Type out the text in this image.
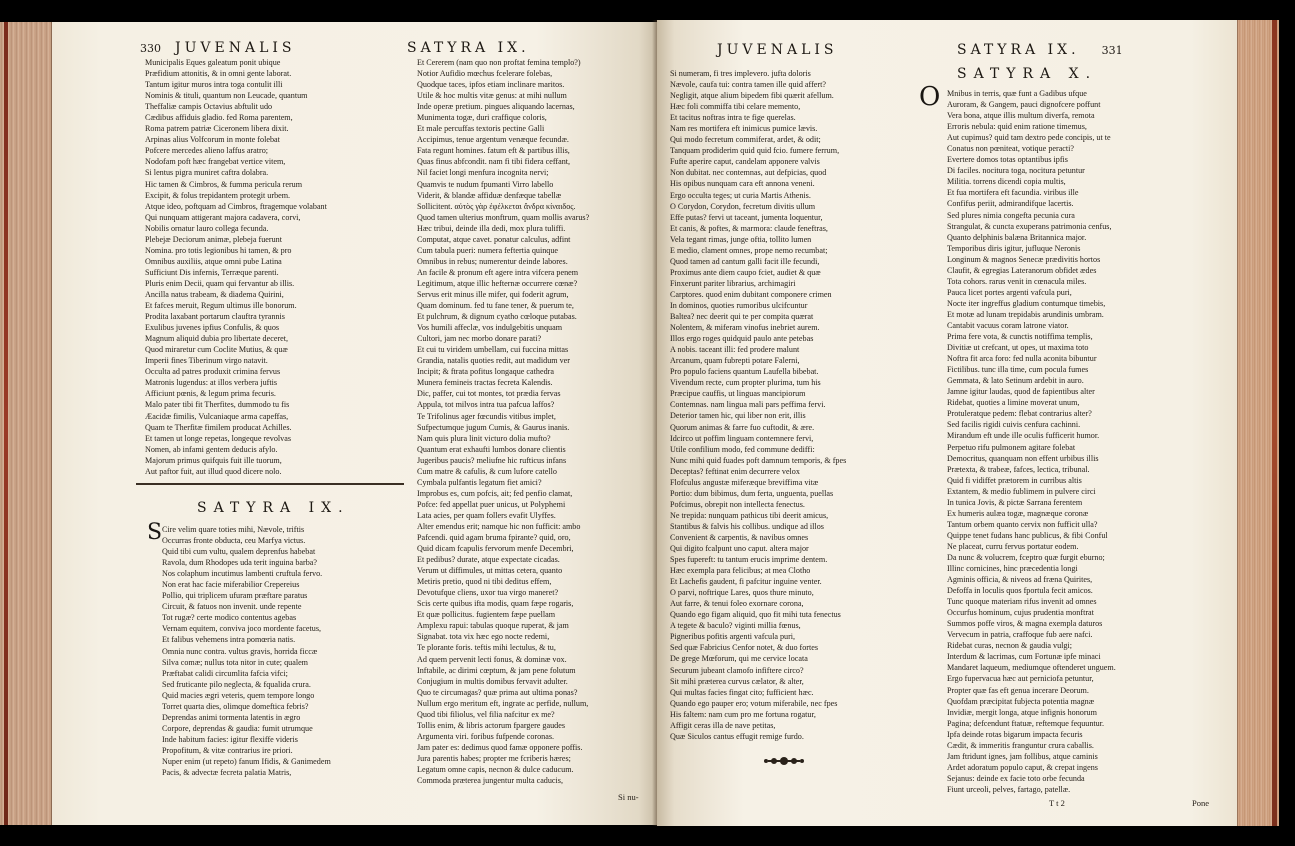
330 JUVENALIS	SATYRA IX.
Municipalis Eques galeatum ponit ubique
Præfidium attonitis, & in omni gente laborat.
Tantum igitur muros intra toga contulit illi
Nominis & tituli, quantum non Leucade, quantum
Theffaliæ campis Octavius abftulit udo
Cædibus affiduis gladio. fed Roma parentem,
Roma patrem patriæ Ciceronem libera dixit.
Arpinas alius Volfcorum in monte folebat
Pofcere mercedes alieno laffus aratro;
Nodofam poft hæc frangebat vertice vitem,
Si lentus pigra muniret caftra dolabra.
Hic tamen & Cimbros, & fumma pericula rerum
Excipit, & folus trepidantem protegit urbem.
Atque ideo, poftquam ad Cimbros, ftragemque volabant
Qui nunquam attigerant majora cadavera, corvi,
Nobilis ornatur lauro collega fecunda.
Plebejæ Deciorum animæ, plebeja fuerunt
Nomina. pro totis legionibus hi tamen, & pro
Omnibus auxiliis, atque omni pube Latina
Sufficiunt Dis infernis, Terræque parenti.
Pluris enim Decii, quam qui fervantur ab illis.
Ancilla natus trabeam, & diadema Quirini,
Et fafces meruit, Regum ultimus ille bonorum.
Prodita laxabant portarum clauftra tyrannis
Exulibus juvenes ipfius Confulis, & quos
Magnum aliquid dubia pro libertate deceret,
Quod miraretur cum Coclite Mutius, & quæ
Imperii fines Tiberinum virgo natavit.
Occulta ad patres produxit crimina fervus
Matronis lugendus: at illos verbera juftis
Afficiunt pœnis, & legum prima fecuris.
Malo pater tibi fit Therfites, dummodo tu fis
Æacidæ fimilis, Vulcaniaque arma capeffas,
Quam te Therfitæ fimilem producat Achilles.
Et tamen ut longe repetas, longeque revolvas
Nomen, ab infami gentem deducis afylo.
Majorum primus quifquis fuit ille tuorum,
Aut paftor fuit, aut illud quod dicere nolo.
SATYRA IX.
S Cire velim quare toties mihi, Nævole, triftis
Occurras fronte obducta, ceu Marfya victus.
Quid tibi cum vultu, qualem deprenfus habebat
Ravola, dum Rhodopes uda terit inguina barba?
Nos colaphum incutimus lambenti cruftula fervo.
Non erat hac facie miferabilior Crepereius
Pollio, qui triplicem ufuram præftare paratus
Circuit, & fatuos non invenit. unde repente
Tot rugæ? certe modico contentus agebas
Vernam equitem, conviva joco mordente facetus,
Et falibus vehemens intra pomœria natis.
Omnia nunc contra. vultus gravis, horrida ficcæ
Silva comæ; nullus tota nitor in cute; qualem
Præftabat calidi circumlita fafcia vifci;
Sed fruticante pilo neglecta, & fqualida crura.
Quid macies ægri veteris, quem tempore longo
Torret quarta dies, olimque domeftica febris?
Deprendas animi tormenta latentis in ægro
Corpore, deprendas & gaudia: fumit utrumque
Inde habitum facies: igitur flexiffe videris
Propofitum, & vitæ contrarius ire priori.
Nuper enim (ut repeto) fanum Ifidis, & Ganimedem
Pacis, & advectæ fecreta palatia Matris,
Et Cererem (nam quo non proftat femina templo?)
Notior Aufidio mœchus fcelerare folebas,
Quodque taces, ipfos etiam inclinare maritos.
Utile & hoc multis vitæ genus: at mihi nullum
Inde operæ pretium. pingues aliquando lacernas,
Munimenta togæ, duri craffique coloris,
Et male percuffas textoris pectine Galli
Accipimus, tenue argentum venæque fecundæ.
Fata regunt homines. fatum eft & partibus illis,
Quas finus abfcondit. nam fi tibi fidera ceffant,
Nil faciet longi menfura incognita nervi;
Quamvis te nudum fpumanti Virro labello
Viderit, & blandæ affiduæ denfæque tabellæ
Sollicitent. αὐτὸς γὰρ ἐφέλκεται ἄνδρα κίναιδος.
Quod tamen ulterius monftrum, quam mollis avarus?
Hæc tribui, deinde illa dedi, mox plura tuliffi.
Computat, atque cavet. ponatur calculus, adfint
Cum tabula pueri: numera feftertia quinque
Omnibus in rebus; numerentur deinde labores.
An facile & pronum eft agere intra vifcera penem
Legitimum, atque illic hefternæ occurrere cœnæ?
Servus erit minus ille mifer, qui foderit agrum,
Quam dominum. fed tu fane tener, & puerum te,
Et pulchrum, & dignum cyatho cœloque putabas.
Vos humili affeclæ, vos indulgebitis unquam
Cultori, jam nec morbo donare parati?
Et cui tu viridem umbellam, cui fuccina mittas
Grandia, natalis quoties redit, aut madidum ver
Incipit; & ftrata pofitus longaque cathedra
Munera femineis tractas fecreta Kalendis.
Dic, paffer, cui tot montes, tot prædia fervas
Appula, tot milvos intra tua pafcua laffos?
Te Trifolinus ager fœcundis vitibus implet,
Sufpectumque jugum Cumis, & Gaurus inanis.
Nam quis plura linit victuro dolia mufto?
Quantum erat exhaufti lumbos donare clientis
Jugeribus paucis? meliufne hic rufticus infans
Cum matre & cafulis, & cum lufore catello
Cymbala pulfantis legatum fiet amici?
Improbus es, cum pofcis, ait; fed penfio clamat,
Pofce: fed appellat puer unicus, ut Polyphemi
Lata acies, per quam follers evafit Ulyffes.
Alter emendus erit; namque hic non fufficit: ambo
Pafcendi. quid agam bruma fpirante? quid, oro,
Quid dicam fcapulis fervorum menfe Decembri,
Et pedibus? durate, atque expectate cicadas.
Verum ut diffimules, ut mittas cetera, quanto
Metiris pretio, quod ni tibi deditus effem,
Devotufque cliens, uxor tua virgo maneret?
Scis certe quibus ifta modis, quam fæpe rogaris,
Et quæ pollicitus. fugientem fæpe puellam
Amplexu rapui: tabulas quoque ruperat, & jam
Signabat. tota vix hæc ego nocte redemi,
Te plorante foris. teftis mihi lectulus, & tu,
Ad quem pervenit lecti fonus, & dominæ vox.
Inftabile, ac dirimi cœptum, & jam pene folutum
Conjugium in multis domibus fervavit adulter.
Quo te circumagas? quæ prima aut ultima ponas?
Nullum ergo meritum eft, ingrate ac perfide, nullum,
Quod tibi filiolus, vel filia nafcitur ex me?
Tollis enim, & libris actorum fpargere gaudes
Argumenta viri. foribus fufpende coronas.
Jam pater es: dedimus quod famæ opponere poffis.
Jura parentis habes; propter me fcriberis hæres;
Legatum omne capis, necnon & dulce caducum.
Commoda præterea jungentur multa caducis,
Si nu-
JUVENALIS	SATYRA IX. 331
Si numeram, fi tres implevero. jufta doloris
Nævole, caufa tui: contra tamen ille quid affert?
Negligit, atque alium bipedem fibi quærit afellum.
Hæc foli commiffa tibi celare memento,
Et tacitus noftras intra te fige querelas.
Nam res mortifera eft inimicus pumice lævis.
Qui modo fecretum commiferat, ardet, & odit;
Tanquam prodiderim quid quid fcio. fumere ferrum,
Fufte aperire caput, candelam apponere valvis
Non dubitat. nec contemnas, aut defpicias, quod
His opibus nunquam cara eft annona veneni.
Ergo occulta teges; ut curia Martis Athenis.
O Corydon, Corydon, fecretum divitis ullum
Effe putas? fervi ut taceant, jumenta loquentur,
Et canis, & poftes, & marmora: claude feneftras,
Vela tegant rimas, junge oftia, tollito lumen
E medio, clament omnes, prope nemo recumbat;
Quod tamen ad cantum galli facit ille fecundi,
Proximus ante diem caupo fciet, audiet & quæ
Finxerunt pariter librarius, archimagiri
Carptores. quod enim dubitant componere crimen
In dominos, quoties rumoribus ulcifcuntur
Baltea? nec deerit qui te per compita quærat
Nolentem, & miferam vinofus inebriet aurem.
Illos ergo roges quidquid paulo ante petebas
A nobis. taceant illi: fed prodere malunt
Arcanum, quam fubrepti potare Falerni,
Pro populo faciens quantum Laufella bibebat.
Vivendum recte, cum propter plurima, tum his
Præcipue cauffis, ut linguas mancipiorum
Contemnas. nam lingua mali pars peffima fervi.
Deterior tamen hic, qui liber non erit, illis
Quorum animas & farre fuo cuftodit, & ære.
Idcirco ut poffim linguam contemnere fervi,
Utile confilium modo, fed commune dediffi:
Nunc mihi quid fuades poft damnum temporis, & fpes
Deceptas? feftinat enim decurrere velox
Flofculus angustæ miferæque breviffima vitæ
Portio: dum bibimus, dum ferta, unguenta, puellas
Pofcimus, obrepit non intellecta fenectus.
Ne trepida: nunquam pathicus tibi deerit amicus,
Stantibus & falvis his collibus. undique ad illos
Convenient & carpentis, & navibus omnes
Qui digito fcalpunt uno caput. altera major
Spes fupereft: tu tantum erucis imprime dentem.
Hæc exempla para felicibus; at mea Clotho
Et Lachefis gaudent, fi pafcitur inguine venter.
O parvi, noftrique Lares, quos thure minuto,
Aut farre, & tenui foleo exornare corona,
Quando ego figam aliquid, quo fit mihi tuta fenectus
A tegete & baculo? viginti millia fœnus,
Pigneribus pofitis argenti vafcula puri,
Sed quæ Fabricius Cenfor notet, & duo fortes
De grege Mœforum, qui me cervice locata
Securum jubeant clamofo infiftere circo?
Sit mihi præterea curvus cælator, & alter,
Qui multas facies fingat cito; fufficient hæc.
Quando ego pauper ero; votum miferabile, nec fpes
His faltem: nam cum pro me fortuna rogatur,
Affigit ceras illa de nave petitas,
Quæ Siculos cantus effugit remige furdo.
SATYRA X.
O Mnibus in terris, quæ funt a Gadibus ufque
Auroram, & Gangem, pauci dignofcere poffunt
Vera bona, atque illis multum diverfa, remota
Erroris nebula: quid enim ratione timemus,
Aut cupimus? quid tam dextro pede concipis, ut te
Conatus non pœniteat, votique peracti?
Evertere domos totas optantibus ipfis
Di faciles. nocitura toga, nocitura petuntur
Militia. torrens dicendi copia multis,
Et fua mortifera eft facundia. viribus ille
Confifus periit, admirandifque lacertis.
Sed plures nimia congefta pecunia cura
Strangulat, & cuncta exuperans patrimonia cenfus,
Quanto delphinis balæna Britannica major.
Temporibus diris igitur, jufluque Neronis
Longinum & magnos Senecæ prædivitis hortos
Claufit, & egregias Lateranorum obfidet ædes
Tota cohors. rarus venit in cœnacula miles.
Pauca licet portes argenti vafcula puri,
Nocte iter ingreffus gladium contumque timebis,
Et motæ ad lunam trepidabis arundinis umbram.
Cantabit vacuus coram latrone viator.
Prima fere vota, & cunctis notiffima templis,
Divitiæ ut crefcant, ut opes, ut maxima toto
Noftra fit arca foro: fed nulla aconita bibuntur
Fictilibus. tunc illa time, cum pocula fumes
Gemmata, & lato Setinum ardebit in auro.
Jamne igitur laudas, quod de fapientibus alter
Ridebat, quoties a limine moverat unum,
Protuleratque pedem: flebat contrarius alter?
Sed facilis rigidi cuivis cenfura cachinni.
Mirandum eft unde ille oculis fufficerit humor.
Perpetuo rifu pulmonem agitare folebat
Democritus, quanquam non effent urbibus illis
Prætexta, & trabeæ, fafces, lectica, tribunal.
Quid fi vidiffet prætorem in curribus altis
Extantem, & medio fublimem in pulvere circi
In tunica Jovis, & pictæ Sarrana ferentem
Ex humeris aulæa togæ, magnæque coronæ
Tantum orbem quanto cervix non fufficit ulla?
Quippe tenet fudans hanc publicus, & fibi Conful
Ne placeat, curru fervus portatur eodem.
Da nunc & volucrem, fceptro quæ furgit eburno;
Illinc cornicines, hinc præcedentia longi
Agminis officia, & niveos ad fræna Quirites,
Defoffa in loculis quos fportula fecit amicos.
Tunc quoque materiam rifus invenit ad omnes
Occurfus hominum, cujus prudentia monftrat
Summos poffe viros, & magna exempla daturos
Vervecum in patria, craffoque fub aere nafci.
Ridebat curas, necnon & gaudia vulgi;
Interdum & lacrimas, cum Fortunæ ipfe minaci
Mandaret laqueum, mediumque oftenderet unguem.
Ergo fupervacua hæc aut perniciofa petuntur,
Propter quæ fas eft genua incerare Deorum.
Quofdam præcipitat fubjecta potentia magnæ
Invidiæ, mergit longa, atque infignis honorum
Pagina; defcendunt ftatuæ, reftemque fequuntur.
Ipfa deinde rotas bigarum impacta fecuris
Cædit, & immeritis franguntur crura caballis.
Jam ftridunt ignes, jam follibus, atque caminis
Ardet adoratum populo caput, & crepat ingens
Sejanus: deinde ex facie toto orbe fecunda
Fiunt urceoli, pelves, fartago, patellæ.
T t 2	Pone
